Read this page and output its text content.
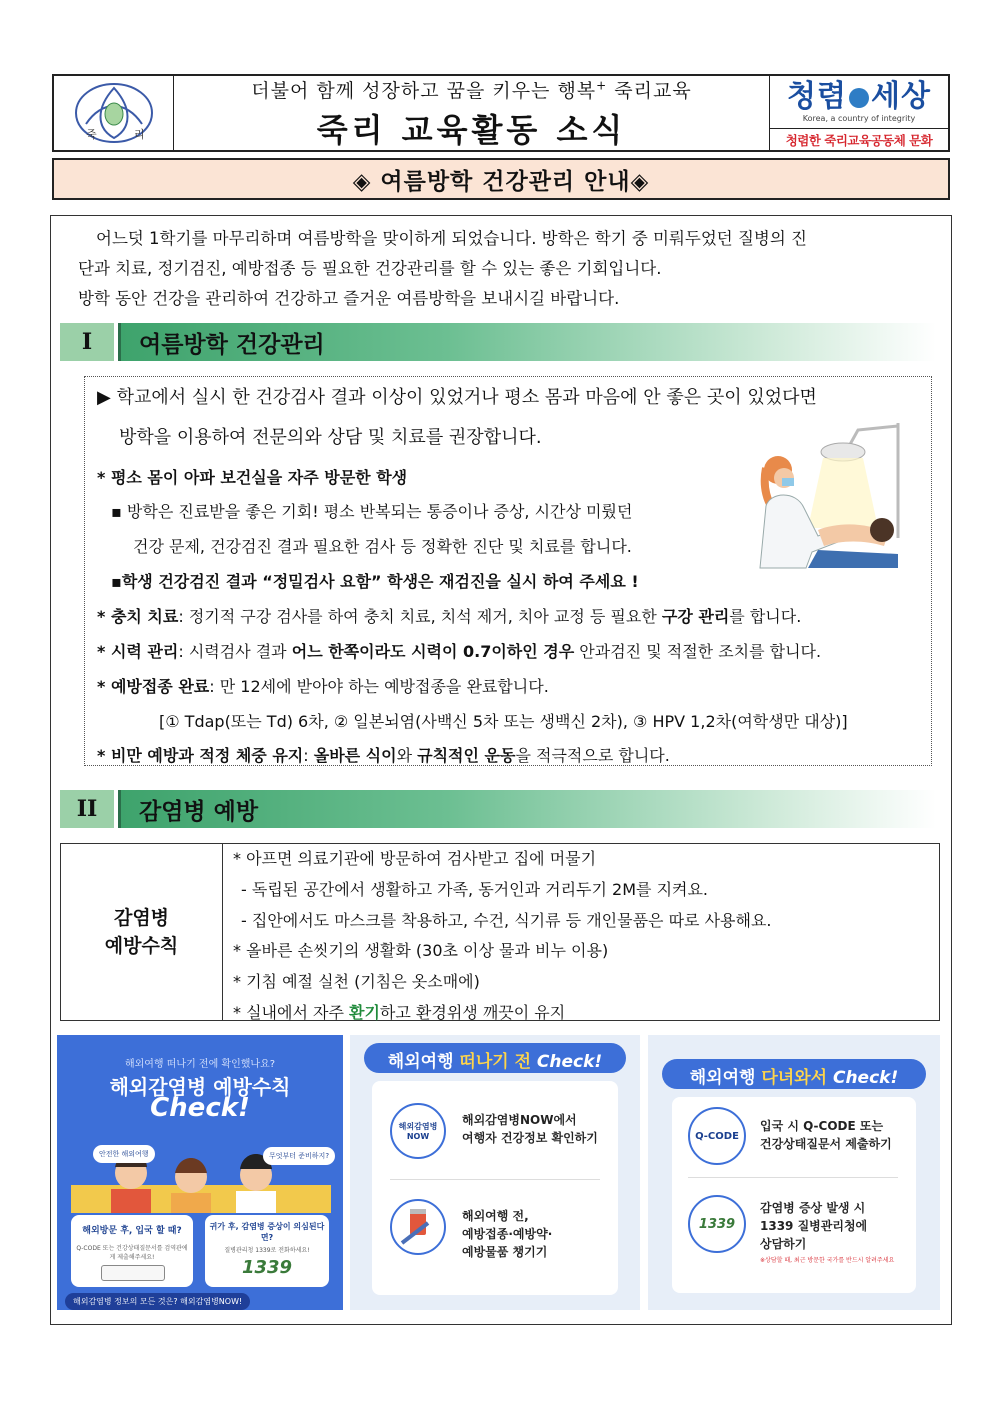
죽	리
더불어 함께 성장하고 꿈을 키우는 행복+ 죽리교육
죽리 교육활동 소식
청렴 세상
Korea, a country of integrity
청렴한 죽리교육공동체 문화
◈ 여름방학 건강관리 안내◈

어느덧 1학기를 마무리하며 여름방학을 맞이하게 되었습니다. 방학은 학기 중 미뤄두었던 질병의 진

단과 치료, 정기검진, 예방접종 등 필요한 건강관리를 할 수 있는 좋은 기회입니다.

방학 동안 건강을 관리하여 건강하고 즐거운 여름방학을 보내시길 바랍니다.

I	여름방학 건강관리
▶ 학교에서 실시 한 건강검사 결과 이상이 있었거나 평소 몸과 마음에 안 좋은 곳이 있었다면
방학을 이용하여 전문의와 상담 및 치료를 권장합니다.
* 평소 몸이 아파 보건실을 자주 방문한 학생
▪ 방학은 진료받을 좋은 기회! 평소 반복되는 통증이나 증상, 시간상 미뤘던
건강 문제, 건강검진 결과 필요한 검사 등 정확한 진단 및 치료를 합니다.
▪학생 건강검진 결과 “정밀검사 요함” 학생은 재검진을 실시 하여 주세요 !
* 충치 치료: 정기적 구강 검사를 하여 충치 치료, 치석 제거, 치아 교정 등 필요한 구강 관리를 합니다.
* 시력 관리: 시력검사 결과 어느 한쪽이라도 시력이 0.7이하인 경우 안과검진 및 적절한 조치를 합니다.
* 예방접종 완료: 만 12세에 받아야 하는 예방접종을 완료합니다.
[① Tdap(또는 Td) 6차, ② 일본뇌염(사백신 5차 또는 생백신 2차), ③ HPV 1,2차(여학생만 대상)]
* 비만 예방과 적정 체중 유지: 올바른 식이와 규칙적인 운동을 적극적으로 합니다.
II	감염병 예방
감염병
예방수칙

* 아프면 의료기관에 방문하여 검사받고 집에 머물기

- 독립된 공간에서 생활하고 가족, 동거인과 거리두기 2M를 지켜요.

- 집안에서도 마스크를 착용하고, 수건, 식기류 등 개인물품은 따로 사용해요.

* 올바른 손씻기의 생활화 (30초 이상 물과 비누 이용)

* 기침 예절 실천 (기침은 옷소매에)

* 실내에서 자주 환기하고 환경위생 깨끗이 유지

해외여행 떠나기 전에 확인했나요?
해외감염병 예방수칙
Check!
안전한 해외여행	무엇부터 준비하지?
해외방문 후, 입국 할 때?
Q-CODE 또는 건강상태질문서를 검역관에게 제출해주세요!
귀가 후, 감염병 증상이 의심된다면?
질병관리청 1339로 전화하세요!
1339
해외감염병 정보의 모든 것은? 해외감염병NOW!
해외여행 떠나기 전 Check!
해외감염병 NOW
해외감염병NOW에서
여행자 건강정보 확인하기
해외여행 전,
예방접종·예방약·
예방물품 챙기기
해외여행 다녀와서 Check!
Q-CODE
입국 시 Q-CODE 또는
건강상태질문서 제출하기
1339
감염병 증상 발생 시
1339 질병관리청에
상담하기
※상담할 때, 최근 방문한 국가를 반드시 알려주세요
